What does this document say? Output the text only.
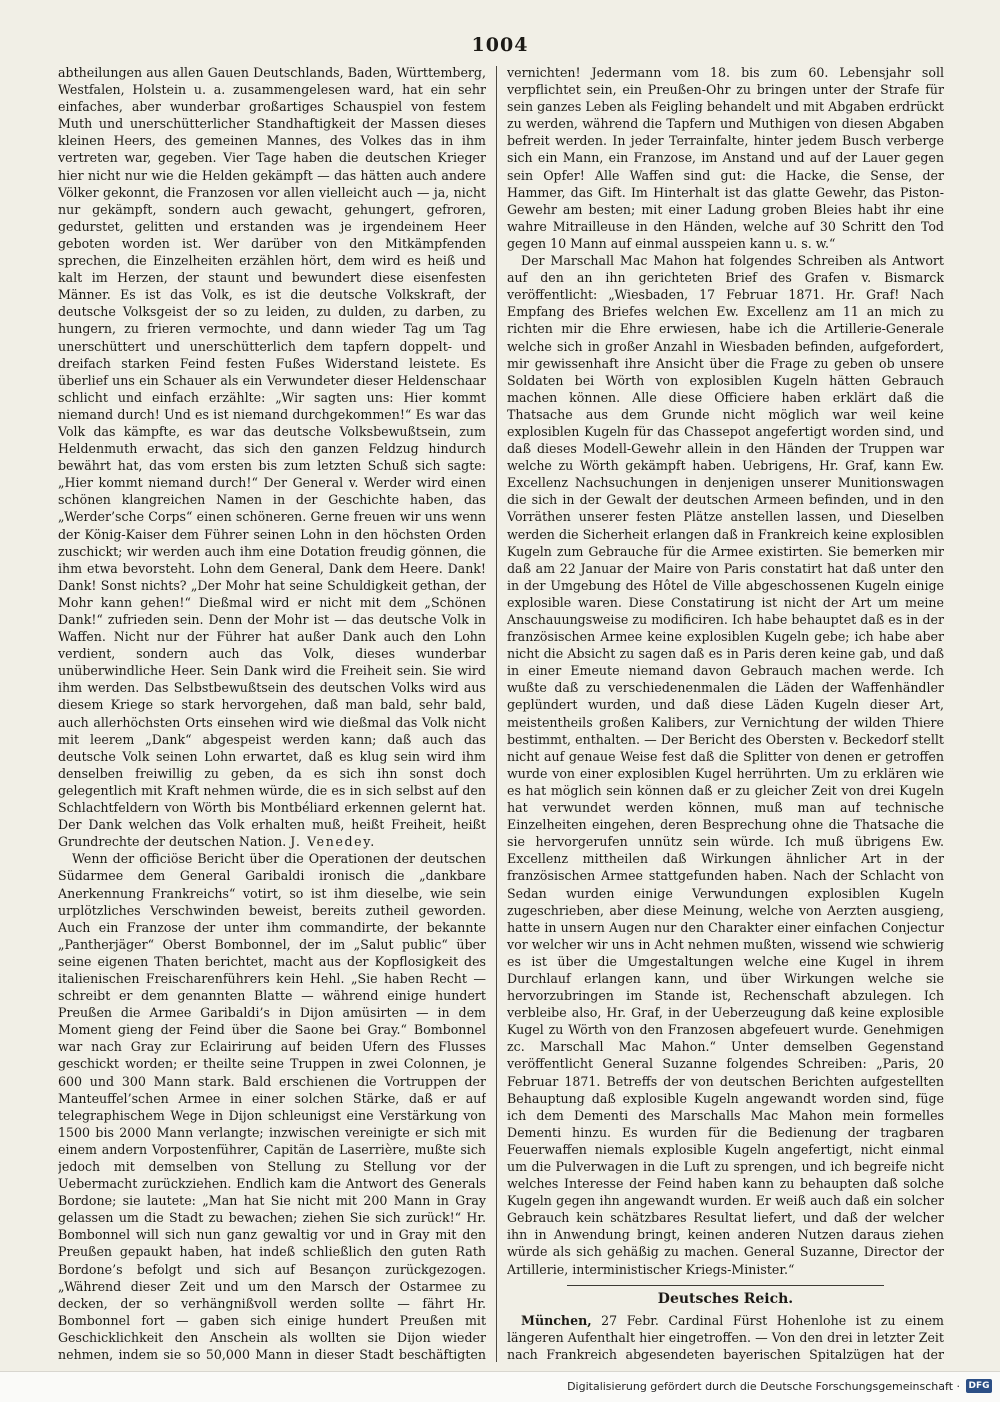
1004

abtheilungen aus allen Gauen Deutschlands, Baden, Württemberg, Westfalen, Holstein u. a. zusammengelesen ward, hat ein sehr einfaches, aber wunderbar großartiges Schauspiel von festem Muth und unerschütterlicher Standhaftigkeit der Massen dieses kleinen Heers, des gemeinen Mannes, des Volkes das in ihm vertreten war, gegeben. Vier Tage haben die deutschen Krieger hier nicht nur wie die Helden gekämpft — das hätten auch andere Völker gekonnt, die Franzosen vor allen vielleicht auch — ja, nicht nur gekämpft, sondern auch gewacht, gehungert, gefroren, gedurstet, gelitten und erstanden was je irgendeinem Heer geboten worden ist. Wer darüber von den Mitkämpfenden sprechen, die Einzelheiten erzählen hört, dem wird es heiß und kalt im Herzen, der staunt und bewundert diese eisenfesten Männer. Es ist das Volk, es ist die deutsche Volkskraft, der deutsche Volksgeist der so zu leiden, zu dulden, zu darben, zu hungern, zu frieren vermochte, und dann wieder Tag um Tag unerschüttert und unerschütterlich dem tapfern doppelt- und dreifach starken Feind festen Fußes Widerstand leistete. Es überlief uns ein Schauer als ein Verwundeter dieser Heldenschaar schlicht und einfach erzählte: „Wir sagten uns: Hier kommt niemand durch! Und es ist niemand durchgekommen!“ Es war das Volk das kämpfte, es war das deutsche Volksbewußtsein, zum Heldenmuth erwacht, das sich den ganzen Feldzug hindurch bewährt hat, das vom ersten bis zum letzten Schuß sich sagte: „Hier kommt niemand durch!“ Der General v. Werder wird einen schönen klangreichen Namen in der Geschichte haben, das „Werder’sche Corps“ einen schöneren. Gerne freuen wir uns wenn der König-Kaiser dem Führer seinen Lohn in den höchsten Orden zuschickt; wir werden auch ihm eine Dotation freudig gönnen, die ihm etwa bevorsteht. Lohn dem General, Dank dem Heere. Dank! Dank! Sonst nichts? „Der Mohr hat seine Schuldigkeit gethan, der Mohr kann gehen!“ Dießmal wird er nicht mit dem „Schönen Dank!“ zufrieden sein. Denn der Mohr ist — das deutsche Volk in Waffen. Nicht nur der Führer hat außer Dank auch den Lohn verdient, sondern auch das Volk, dieses wunderbar unüberwindliche Heer. Sein Dank wird die Freiheit sein. Sie wird ihm werden. Das Selbstbewußtsein des deutschen Volks wird aus diesem Kriege so stark hervorgehen, daß man bald, sehr bald, auch allerhöchsten Orts einsehen wird wie dießmal das Volk nicht mit leerem „Dank“ abgespeist werden kann; daß auch das deutsche Volk seinen Lohn erwartet, daß es klug sein wird ihm denselben freiwillig zu geben, da es sich ihn sonst doch gelegentlich mit Kraft nehmen würde, die es in sich selbst auf den Schlachtfeldern von Wörth bis Montbéliard erkennen gelernt hat. Der Dank welchen das Volk erhalten muß, heißt Freiheit, heißt Grundrechte der deutschen Nation. J. Venedey.

Wenn der officiöse Bericht über die Operationen der deutschen Südarmee dem General Garibaldi ironisch die „dankbare Anerkennung Frankreichs“ votirt, so ist ihm dieselbe, wie sein urplötzliches Verschwinden beweist, bereits zutheil geworden. Auch ein Franzose der unter ihm commandirte, der bekannte „Pantherjäger“ Oberst Bombonnel, der im „Salut public“ über seine eigenen Thaten berichtet, macht aus der Kopflosigkeit des italienischen Freischarenführers kein Hehl. „Sie haben Recht — schreibt er dem genannten Blatte — während einige hundert Preußen die Armee Garibaldi’s in Dijon amüsirten — in dem Moment gieng der Feind über die Saone bei Gray.“ Bombonnel war nach Gray zur Eclairirung auf beiden Ufern des Flusses geschickt worden; er theilte seine Truppen in zwei Colonnen, je 600 und 300 Mann stark. Bald erschienen die Vortruppen der Manteuffel’schen Armee in einer solchen Stärke, daß er auf telegraphischem Wege in Dijon schleunigst eine Verstärkung von 1500 bis 2000 Mann verlangte; inzwischen vereinigte er sich mit einem andern Vorpostenführer, Capitän de Laserrière, mußte sich jedoch mit demselben von Stellung zu Stellung vor der Uebermacht zurückziehen. Endlich kam die Antwort des Generals Bordone; sie lautete: „Man hat Sie nicht mit 200 Mann in Gray gelassen um die Stadt zu bewachen; ziehen Sie sich zurück!“ Hr. Bombonnel will sich nun ganz gewaltig vor und in Gray mit den Preußen gepaukt haben, hat indeß schließlich den guten Rath Bordone’s befolgt und sich auf Besançon zurückgezogen. „Während dieser Zeit und um den Marsch der Ostarmee zu decken, der so verhängnißvoll werden sollte — fährt Hr. Bombonnel fort — gaben sich einige hundert Preußen mit Geschicklichkeit den Anschein als wollten sie Dijon wieder nehmen, indem sie so 50,000 Mann in dieser Stadt beschäftigten

vernichten! Jedermann vom 18. bis zum 60. Lebensjahr soll verpflichtet sein, ein Preußen-Ohr zu bringen unter der Strafe für sein ganzes Leben als Feigling behandelt und mit Abgaben erdrückt zu werden, während die Tapfern und Muthigen von diesen Abgaben befreit werden. In jeder Terrainfalte, hinter jedem Busch verberge sich ein Mann, ein Franzose, im Anstand und auf der Lauer gegen sein Opfer! Alle Waffen sind gut: die Hacke, die Sense, der Hammer, das Gift. Im Hinterhalt ist das glatte Gewehr, das Piston-Gewehr am besten; mit einer Ladung groben Bleies habt ihr eine wahre Mitrailleuse in den Händen, welche auf 30 Schritt den Tod gegen 10 Mann auf einmal ausspeien kann u. s. w.“

Der Marschall Mac Mahon hat folgendes Schreiben als Antwort auf den an ihn gerichteten Brief des Grafen v. Bismarck veröffentlicht: „Wiesbaden, 17 Februar 1871. Hr. Graf! Nach Empfang des Briefes welchen Ew. Excellenz am 11 an mich zu richten mir die Ehre erwiesen, habe ich die Artillerie-Generale welche sich in großer Anzahl in Wiesbaden befinden, aufgefordert, mir gewissenhaft ihre Ansicht über die Frage zu geben ob unsere Soldaten bei Wörth von explosiblen Kugeln hätten Gebrauch machen können. Alle diese Officiere haben erklärt daß die Thatsache aus dem Grunde nicht möglich war weil keine explosiblen Kugeln für das Chassepot angefertigt worden sind, und daß dieses Modell-Gewehr allein in den Händen der Truppen war welche zu Wörth gekämpft haben. Uebrigens, Hr. Graf, kann Ew. Excellenz Nachsuchungen in denjenigen unserer Munitionswagen die sich in der Gewalt der deutschen Armeen befinden, und in den Vorräthen unserer festen Plätze anstellen lassen, und Dieselben werden die Sicherheit erlangen daß in Frankreich keine explosiblen Kugeln zum Gebrauche für die Armee existirten. Sie bemerken mir daß am 22 Januar der Maire von Paris constatirt hat daß unter den in der Umgebung des Hôtel de Ville abgeschossenen Kugeln einige explosible waren. Diese Constatirung ist nicht der Art um meine Anschauungsweise zu modificiren. Ich habe behauptet daß es in der französischen Armee keine explosiblen Kugeln gebe; ich habe aber nicht die Absicht zu sagen daß es in Paris deren keine gab, und daß in einer Emeute niemand davon Gebrauch machen werde. Ich wußte daß zu verschiedenenmalen die Läden der Waffenhändler geplündert wurden, und daß diese Läden Kugeln dieser Art, meistentheils großen Kalibers, zur Vernichtung der wilden Thiere bestimmt, enthalten. — Der Bericht des Obersten v. Beckedorf stellt nicht auf genaue Weise fest daß die Splitter von denen er getroffen wurde von einer explosiblen Kugel herrührten. Um zu erklären wie es hat möglich sein können daß er zu gleicher Zeit von drei Kugeln hat verwundet werden können, muß man auf technische Einzelheiten eingehen, deren Besprechung ohne die Thatsache die sie hervorgerufen unnütz sein würde. Ich muß übrigens Ew. Excellenz mittheilen daß Wirkungen ähnlicher Art in der französischen Armee stattgefunden haben. Nach der Schlacht von Sedan wurden einige Verwundungen explosiblen Kugeln zugeschrieben, aber diese Meinung, welche von Aerzten ausgieng, hatte in unsern Augen nur den Charakter einer einfachen Conjectur vor welcher wir uns in Acht nehmen mußten, wissend wie schwierig es ist über die Umgestaltungen welche eine Kugel in ihrem Durchlauf erlangen kann, und über Wirkungen welche sie hervorzubringen im Stande ist, Rechenschaft abzulegen. Ich verbleibe also, Hr. Graf, in der Ueberzeugung daß keine explosible Kugel zu Wörth von den Franzosen abgefeuert wurde. Genehmigen zc. Marschall Mac Mahon.“ Unter demselben Gegenstand veröffentlicht General Suzanne folgendes Schreiben: „Paris, 20 Februar 1871. Betreffs der von deutschen Berichten aufgestellten Behauptung daß explosible Kugeln angewandt worden sind, füge ich dem Dementi des Marschalls Mac Mahon mein formelles Dementi hinzu. Es wurden für die Bedienung der tragbaren Feuerwaffen niemals explosible Kugeln angefertigt, nicht einmal um die Pulverwagen in die Luft zu sprengen, und ich begreife nicht welches Interesse der Feind haben kann zu behaupten daß solche Kugeln gegen ihn angewandt wurden. Er weiß auch daß ein solcher Gebrauch kein schätzbares Resultat liefert, und daß der welcher ihn in Anwendung bringt, keinen anderen Nutzen daraus ziehen würde als sich gehäßig zu machen. General Suzanne, Director der Artillerie, interministischer Kriegs-Minister.“

Deutsches Reich.

München, 27 Febr. Cardinal Fürst Hohenlohe ist zu einem längeren Aufenthalt hier eingetroffen. — Von den drei in letzter Zeit nach Frankreich abgesendeten bayerischen Spitalzügen hat der

Digitalisierung gefördert durch die Deutsche Forschungsgemeinschaft · DFG
